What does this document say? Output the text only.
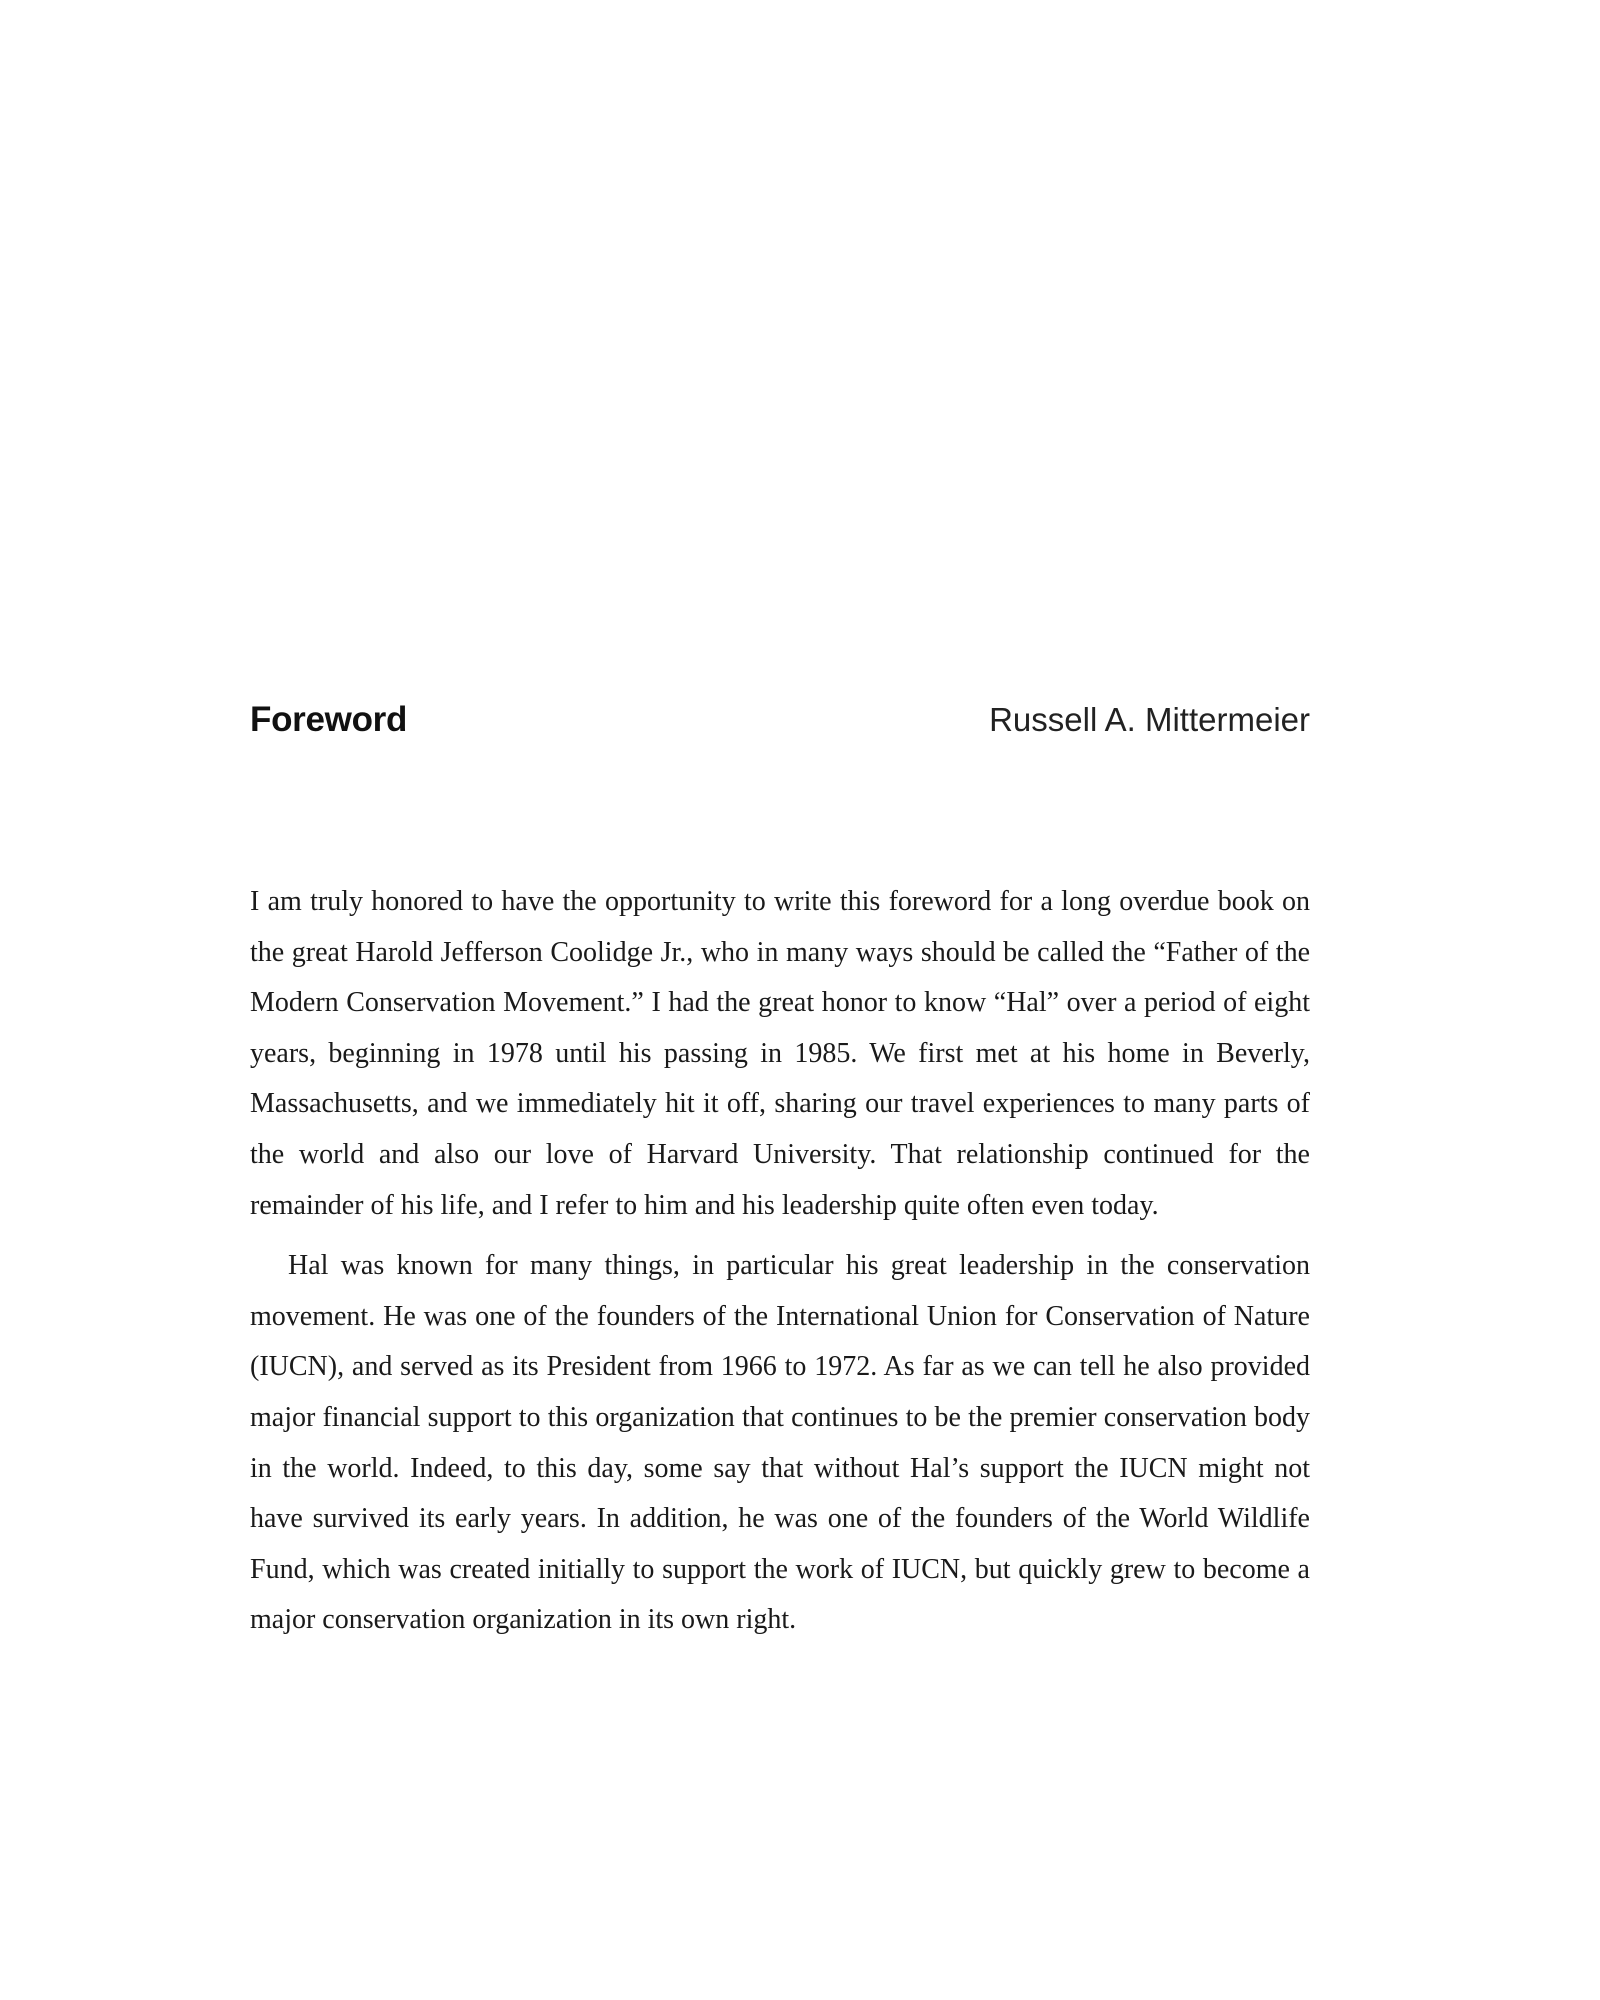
Foreword	Russell A. Mittermeier

I am truly honored to have the opportunity to write this foreword for a long overdue book on the great Harold Jefferson Coolidge Jr., who in many ways should be called the “Father of the Modern Conservation Movement.” I had the great honor to know “Hal” over a period of eight years, beginning in 1978 until his passing in 1985. We first met at his home in Beverly, Massachusetts, and we immediately hit it off, sharing our travel experiences to many parts of the world and also our love of Harvard University. That relationship continued for the remainder of his life, and I refer to him and his leadership quite often even today.

Hal was known for many things, in particular his great leadership in the conservation movement. He was one of the founders of the International Union for Conservation of Nature (IUCN), and served as its President from 1966 to 1972. As far as we can tell he also provided major financial support to this organization that continues to be the premier conservation body in the world. Indeed, to this day, some say that without Hal’s support the IUCN might not have survived its early years. In addition, he was one of the founders of the World Wildlife Fund, which was created initially to support the work of IUCN, but quickly grew to become a major conservation organization in its own right.
